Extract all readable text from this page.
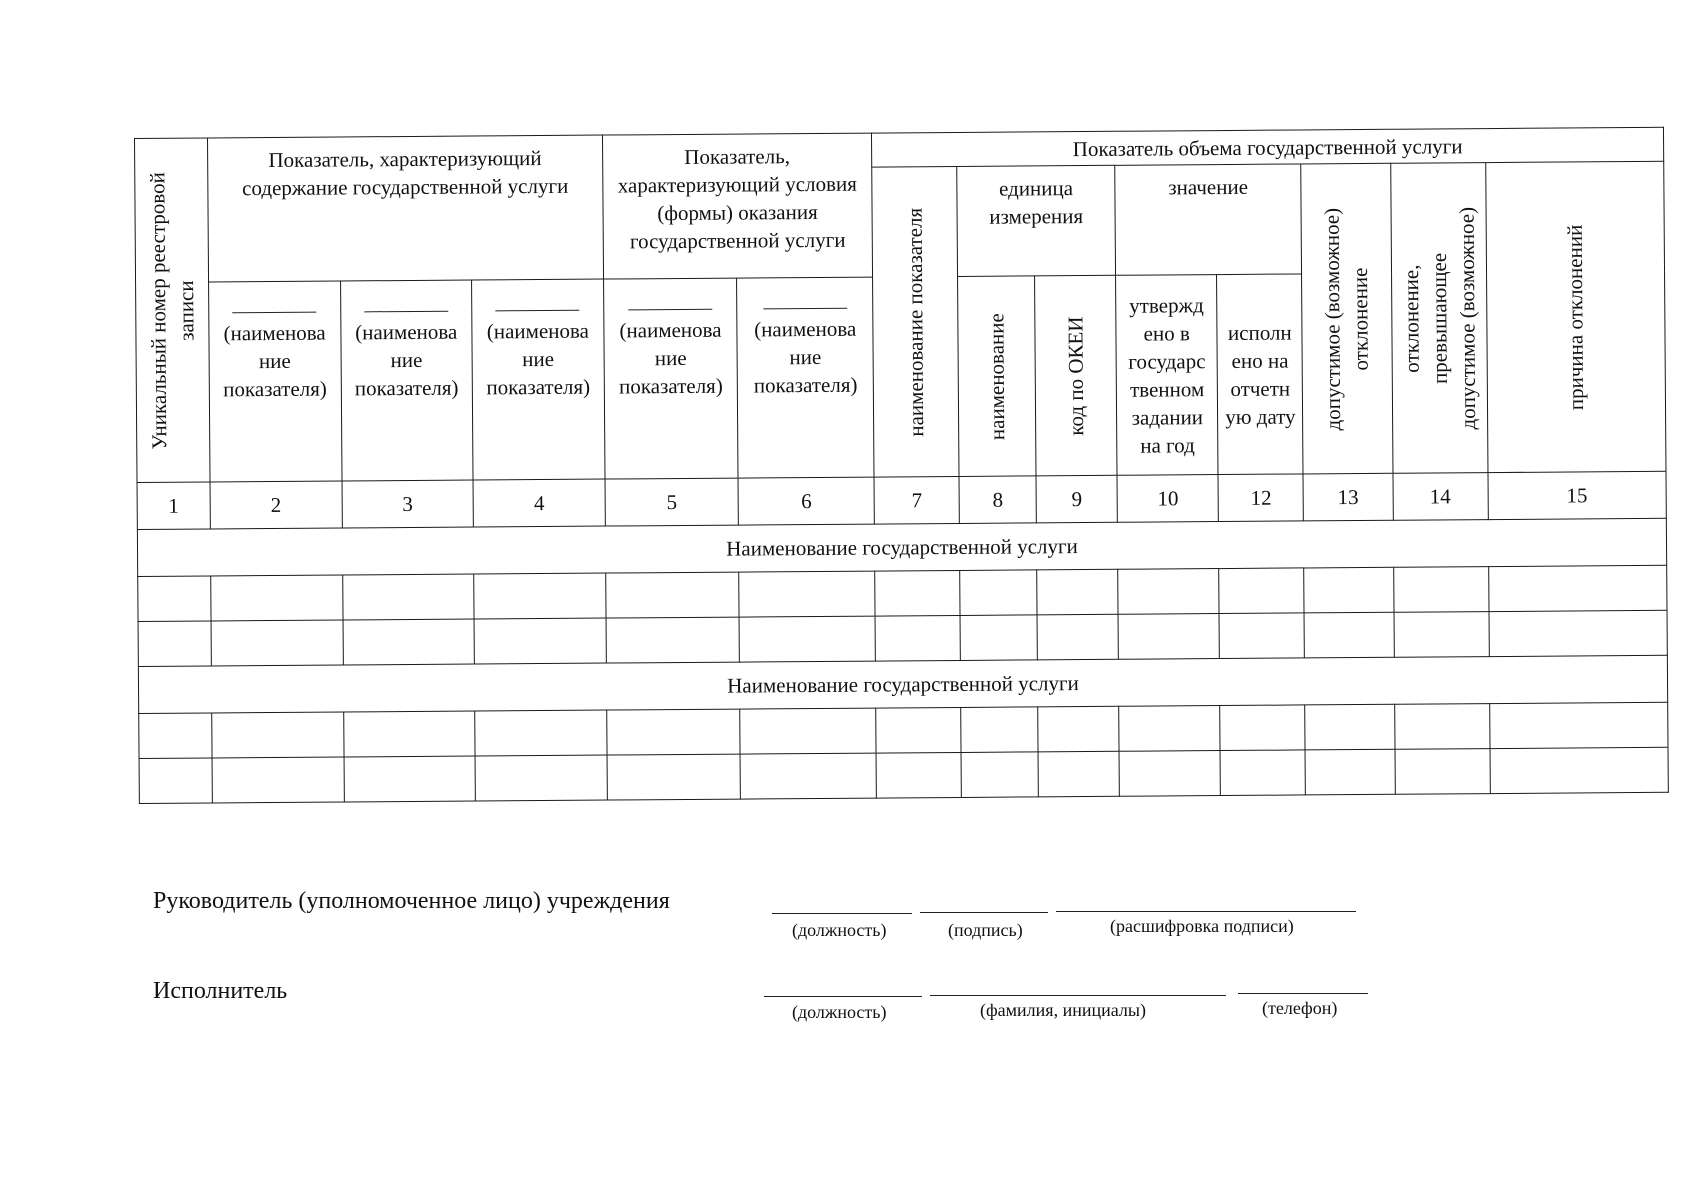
Уникальный номер реестровой записи	Показатель, характеризующий содержание государственной услуги			Показатель, характеризующий условия (формы) оказания государственной услуги		Показатель объема государственной услуги							

						наименование показателя	единица измерения		значение		допустимое (возможное) отклонение	отклонение, превышающее допустимое (возможное)	причина отклонений

	(наименова ние показателя)	(наименова ние показателя)	(наименова ние показателя)	(наименова ние показателя)	(наименова ние показателя)		наименование	код по ОКЕИ	утвержд ено в государс твенном задании на год	исполн ено на отчетн ую дату			

1	2	3	4	5	6	7	8	9	10	12	13	14	15
Наименование государственной услуги													

Наименование государственной услуги													

Руководитель (уполномоченное лицо) учреждения
(должность)	(подпись)	(расшифровка подписи)
Исполнитель
(должность)	(фамилия, инициалы)	(телефон)
